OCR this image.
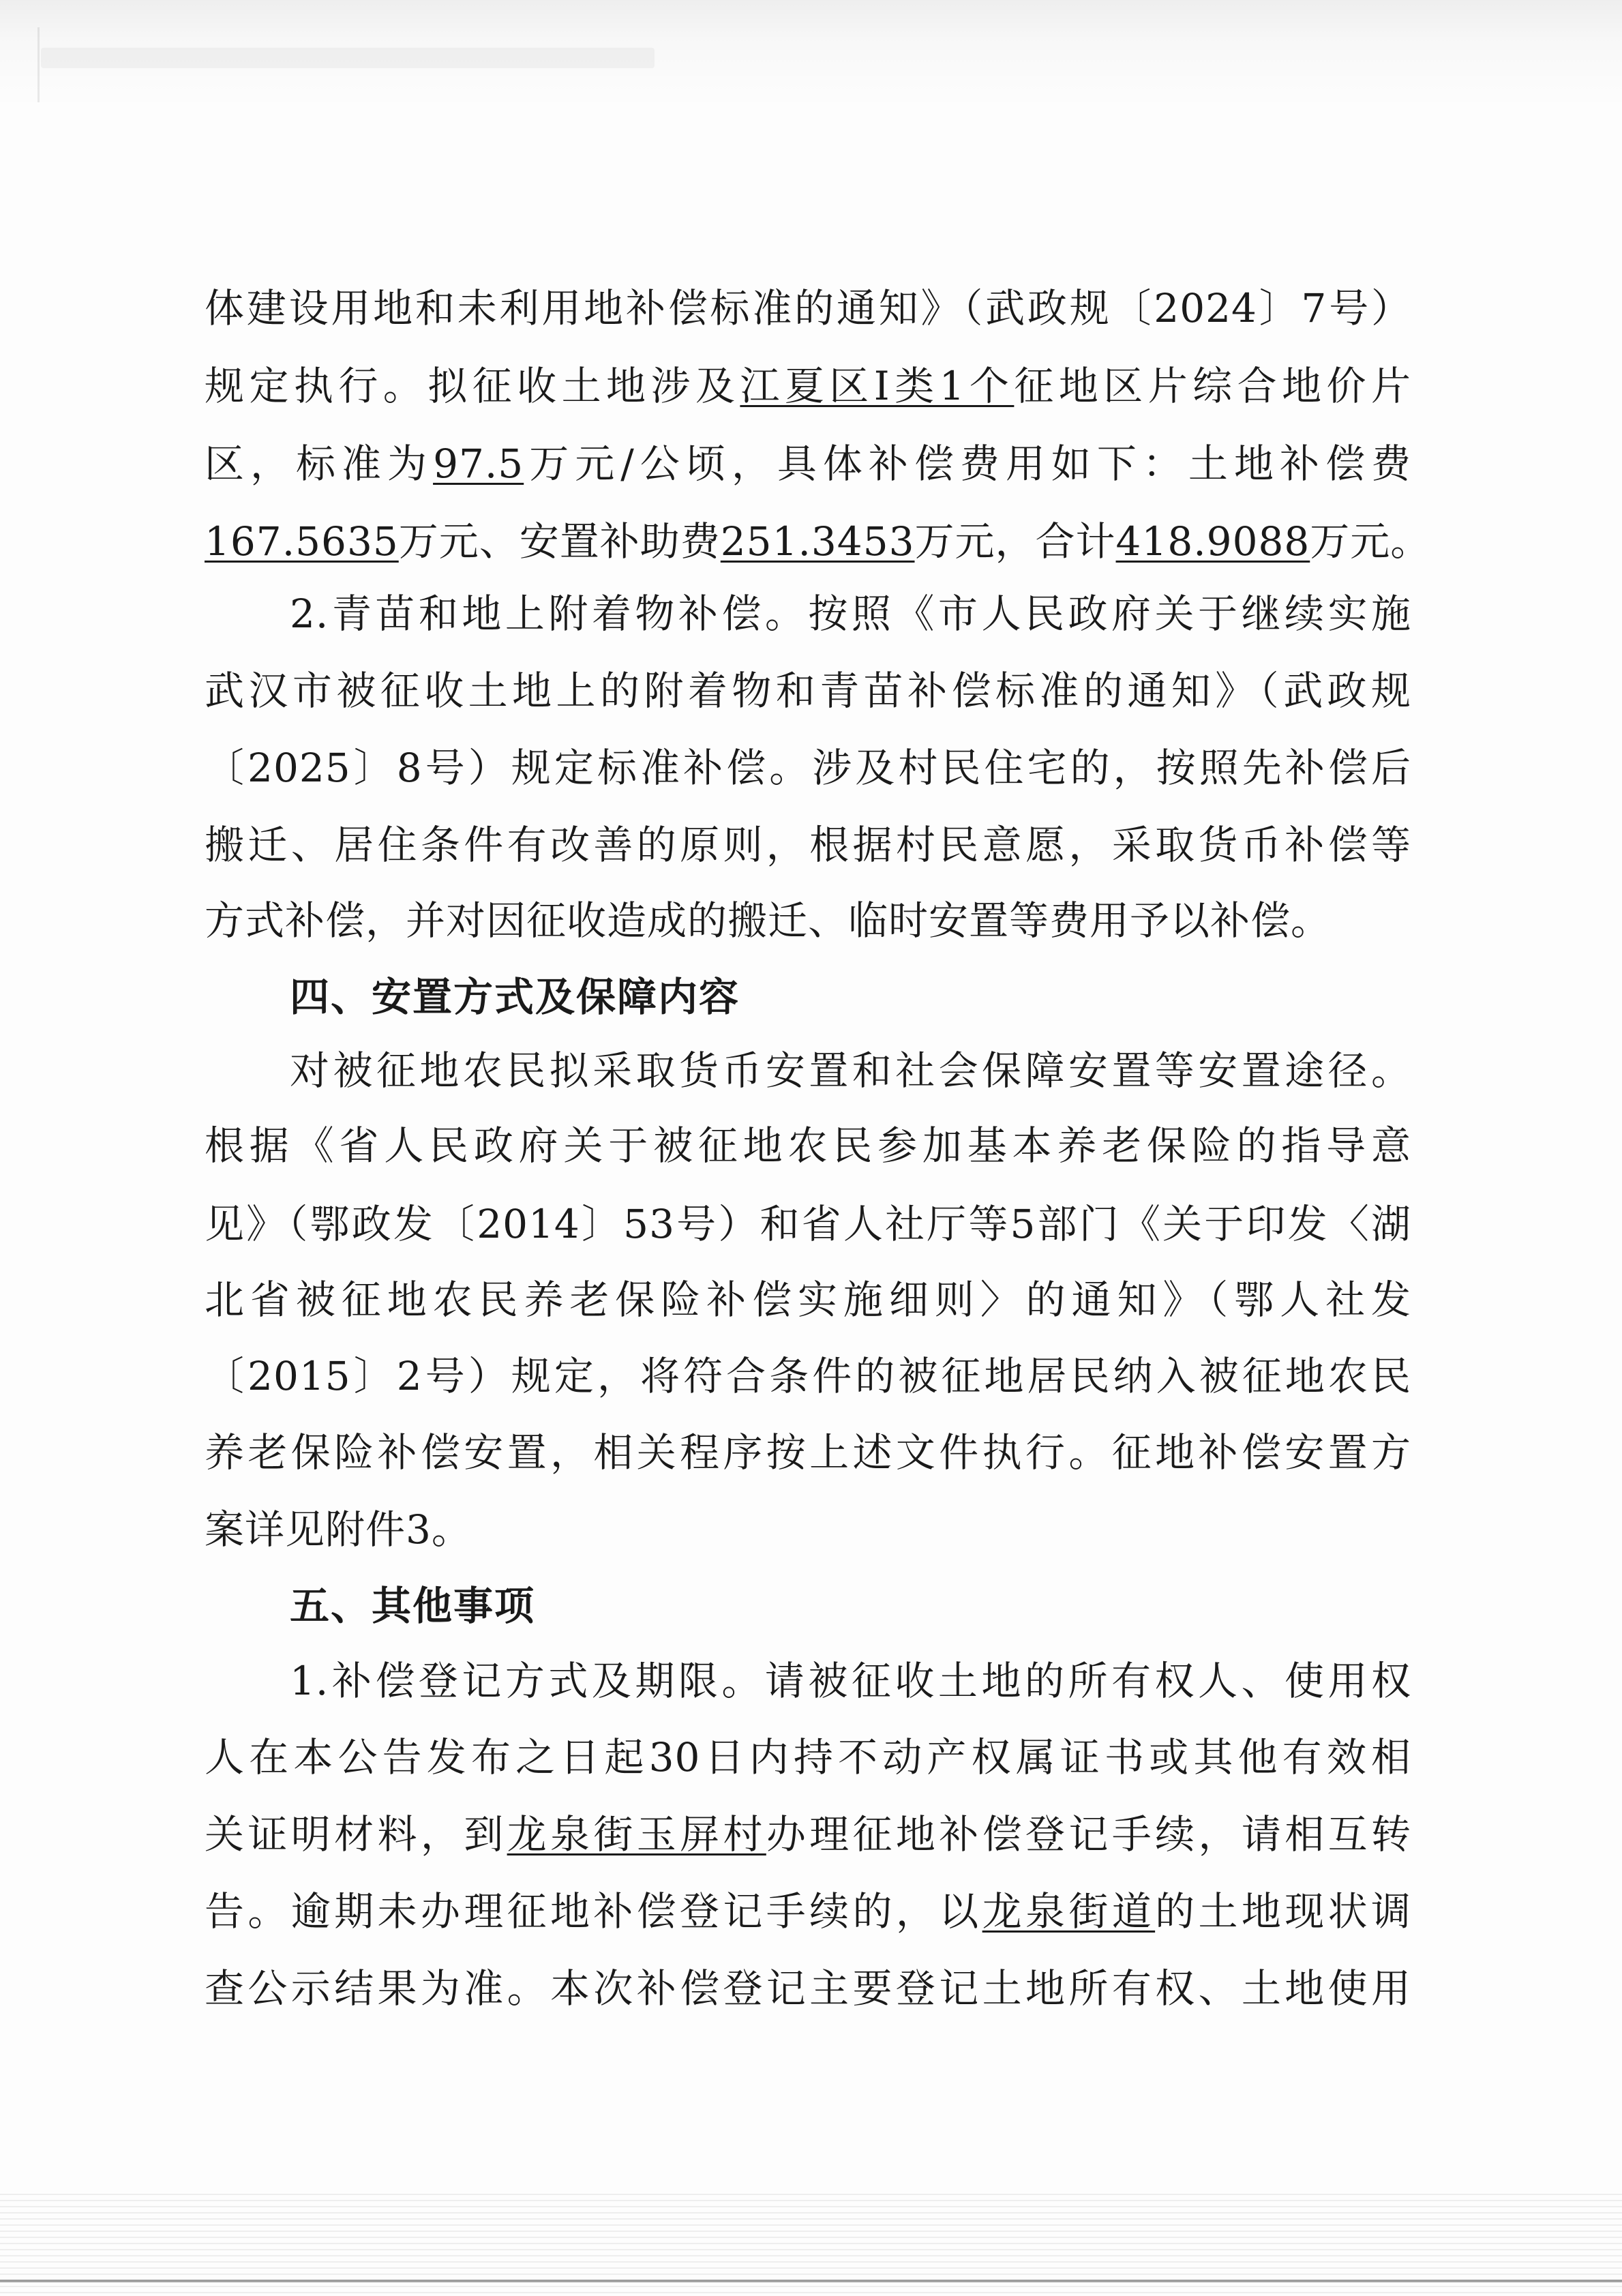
体建设用地和未利用地补偿标准的通知》（武政规〔2024〕7号）
规定执行。拟征收土地涉及江夏区I类1个征地区片综合地价片
区，标准为97.5万元/公顷，具体补偿费用如下：土地补偿费
167.5635万元、安置补助费251.3453万元，合计418.9088万元。
2.青苗和地上附着物补偿。按照《市人民政府关于继续实施
武汉市被征收土地上的附着物和青苗补偿标准的通知》（武政规
〔2025〕8号）规定标准补偿。涉及村民住宅的，按照先补偿后
搬迁、居住条件有改善的原则，根据村民意愿，采取货币补偿等
方式补偿，并对因征收造成的搬迁、临时安置等费用予以补偿。
四、安置方式及保障内容
对被征地农民拟采取货币安置和社会保障安置等安置途径。
根据《省人民政府关于被征地农民参加基本养老保险的指导意
见》（鄂政发〔2014〕53号）和省人社厅等5部门《关于印发〈湖
北省被征地农民养老保险补偿实施细则〉的通知》（鄂人社发
〔2015〕2号）规定，将符合条件的被征地居民纳入被征地农民
养老保险补偿安置，相关程序按上述文件执行。征地补偿安置方
案详见附件3。
五、其他事项
1.补偿登记方式及期限。请被征收土地的所有权人、使用权
人在本公告发布之日起30日内持不动产权属证书或其他有效相
关证明材料，到龙泉街玉屏村办理征地补偿登记手续，请相互转
告。逾期未办理征地补偿登记手续的，以龙泉街道的土地现状调
查公示结果为准。本次补偿登记主要登记土地所有权、土地使用
